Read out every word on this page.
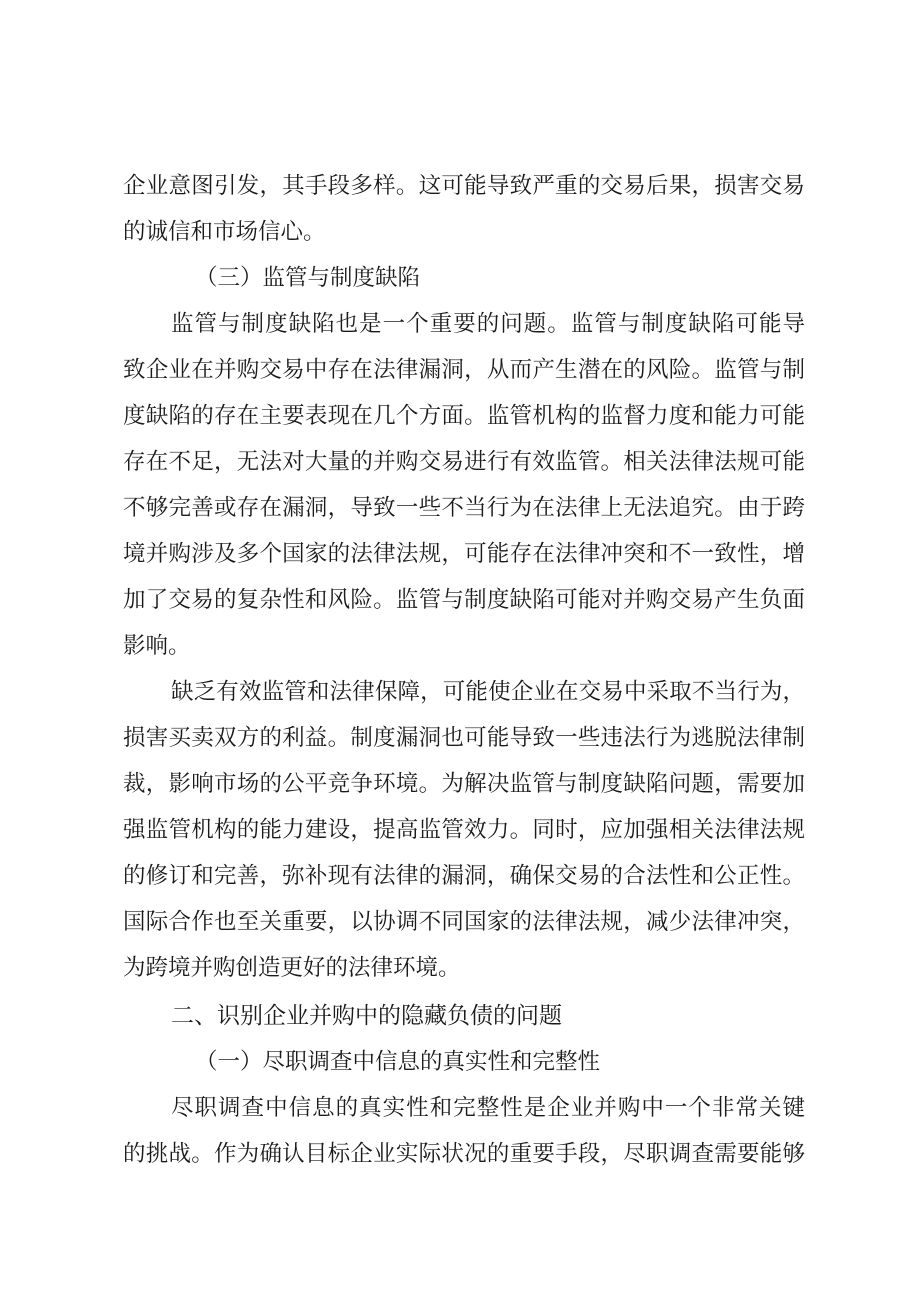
企业意图引发，其手段多样。这可能导致严重的交易后果，损害交易
的诚信和市场信心。
（三）监管与制度缺陷
监管与制度缺陷也是一个重要的问题。监管与制度缺陷可能导
致企业在并购交易中存在法律漏洞，从而产生潜在的风险。监管与制
度缺陷的存在主要表现在几个方面。监管机构的监督力度和能力可能
存在不足，无法对大量的并购交易进行有效监管。相关法律法规可能
不够完善或存在漏洞，导致一些不当行为在法律上无法追究。由于跨
境并购涉及多个国家的法律法规，可能存在法律冲突和不一致性，增
加了交易的复杂性和风险。监管与制度缺陷可能对并购交易产生负面
影响。
缺乏有效监管和法律保障，可能使企业在交易中采取不当行为，
损害买卖双方的利益。制度漏洞也可能导致一些违法行为逃脱法律制
裁，影响市场的公平竞争环境。为解决监管与制度缺陷问题，需要加
强监管机构的能力建设，提高监管效力。同时，应加强相关法律法规
的修订和完善，弥补现有法律的漏洞，确保交易的合法性和公正性。
国际合作也至关重要，以协调不同国家的法律法规，减少法律冲突，
为跨境并购创造更好的法律环境。
二、识别企业并购中的隐藏负债的问题
（一）尽职调查中信息的真实性和完整性
尽职调查中信息的真实性和完整性是企业并购中一个非常关键
的挑战。作为确认目标企业实际状况的重要手段，尽职调查需要能够
